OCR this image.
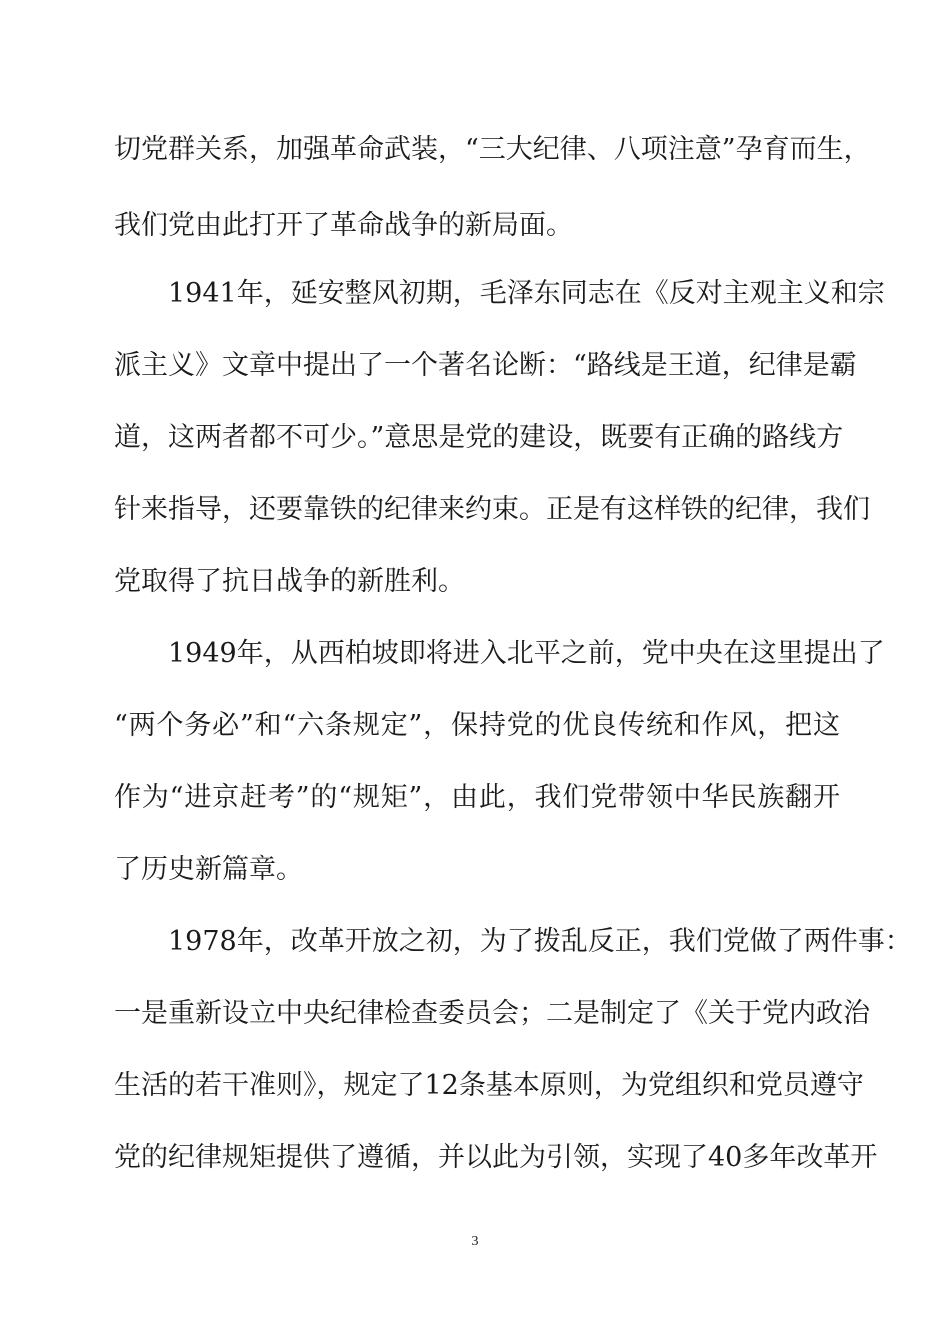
切党群关系，加强革命武装，“三大纪律、八项注意”孕育而生，
我们党由此打开了革命战争的新局面。
1941年，延安整风初期，毛泽东同志在《反对主观主义和宗
派主义》文章中提出了一个著名论断：“路线是王道，纪律是霸
道，这两者都不可少。”意思是党的建设，既要有正确的路线方
针来指导，还要靠铁的纪律来约束。正是有这样铁的纪律，我们
党取得了抗日战争的新胜利。
1949年，从西柏坡即将进入北平之前，党中央在这里提出了
“两个务必”和“六条规定”，保持党的优良传统和作风，把这
作为“进京赶考”的“规矩”，由此，我们党带领中华民族翻开
了历史新篇章。
1978年，改革开放之初，为了拨乱反正，我们党做了两件事：
一是重新设立中央纪律检查委员会；二是制定了《关于党内政治
生活的若干准则》，规定了12条基本原则，为党组织和党员遵守
党的纪律规矩提供了遵循，并以此为引领，实现了40多年改革开
3
